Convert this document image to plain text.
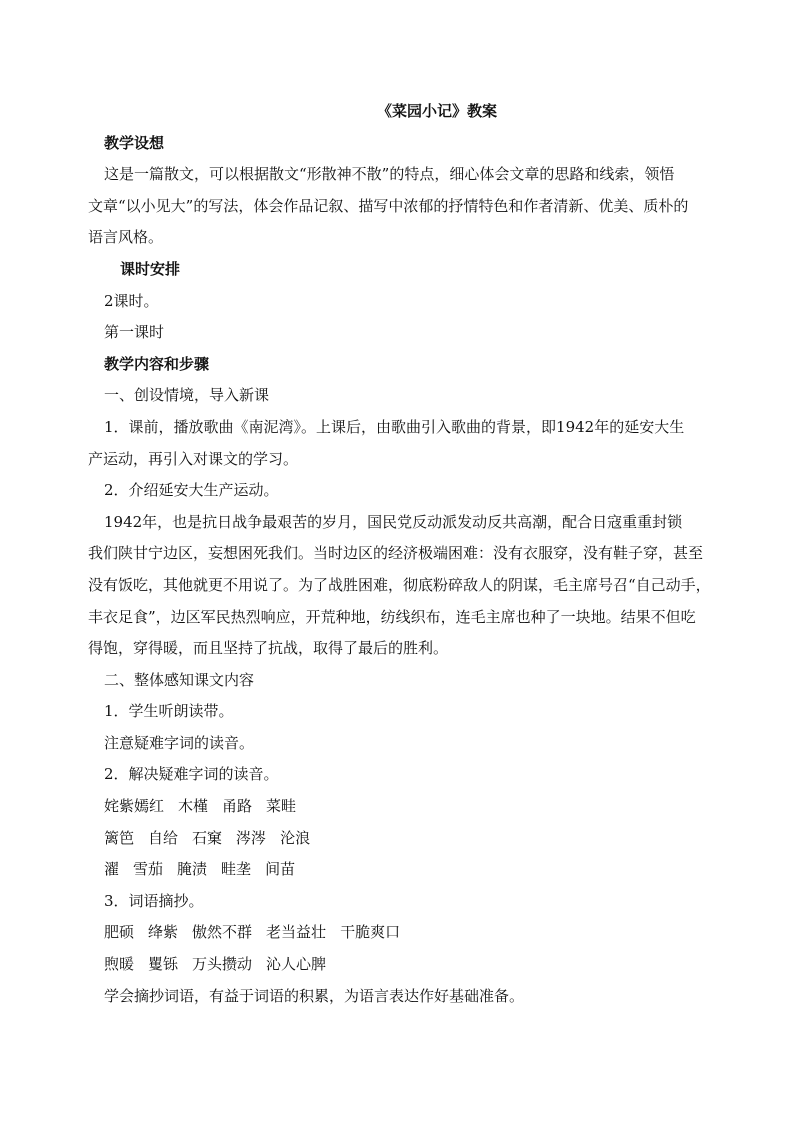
《菜园小记》教案

教学设想

这是一篇散文，可以根据散文“形散神不散”的特点，细心体会文章的思路和线索，领悟

文章“以小见大”的写法，体会作品记叙、描写中浓郁的抒情特色和作者清新、优美、质朴的

语言风格。

课时安排

2课时。

第一课时

教学内容和步骤

一、创设情境，导入新课

1．课前，播放歌曲《南泥湾》。上课后，由歌曲引入歌曲的背景，即1942年的延安大生

产运动，再引入对课文的学习。

2．介绍延安大生产运动。

1942年，也是抗日战争最艰苦的岁月，国民党反动派发动反共高潮，配合日寇重重封锁

我们陕甘宁边区，妄想困死我们。当时边区的经济极端困难：没有衣服穿，没有鞋子穿，甚至

没有饭吃，其他就更不用说了。为了战胜困难，彻底粉碎敌人的阴谋，毛主席号召“自己动手，

丰衣足食”，边区军民热烈响应，开荒种地，纺线织布，连毛主席也种了一块地。结果不但吃

得饱，穿得暖，而且坚持了抗战，取得了最后的胜利。

二、整体感知课文内容

1．学生听朗读带。

注意疑难字词的读音。

2．解决疑难字词的读音。

姹紫嫣红 木槿 甬路 菜畦

篱笆 自给 石窠 涔涔 沦浪

濯 雪茄 腌渍 畦垄 间苗

3．词语摘抄。

肥硕 绛紫 傲然不群 老当益壮 干脆爽口

煦暖 矍铄 万头攒动 沁人心脾

学会摘抄词语，有益于词语的积累，为语言表达作好基础准备。
